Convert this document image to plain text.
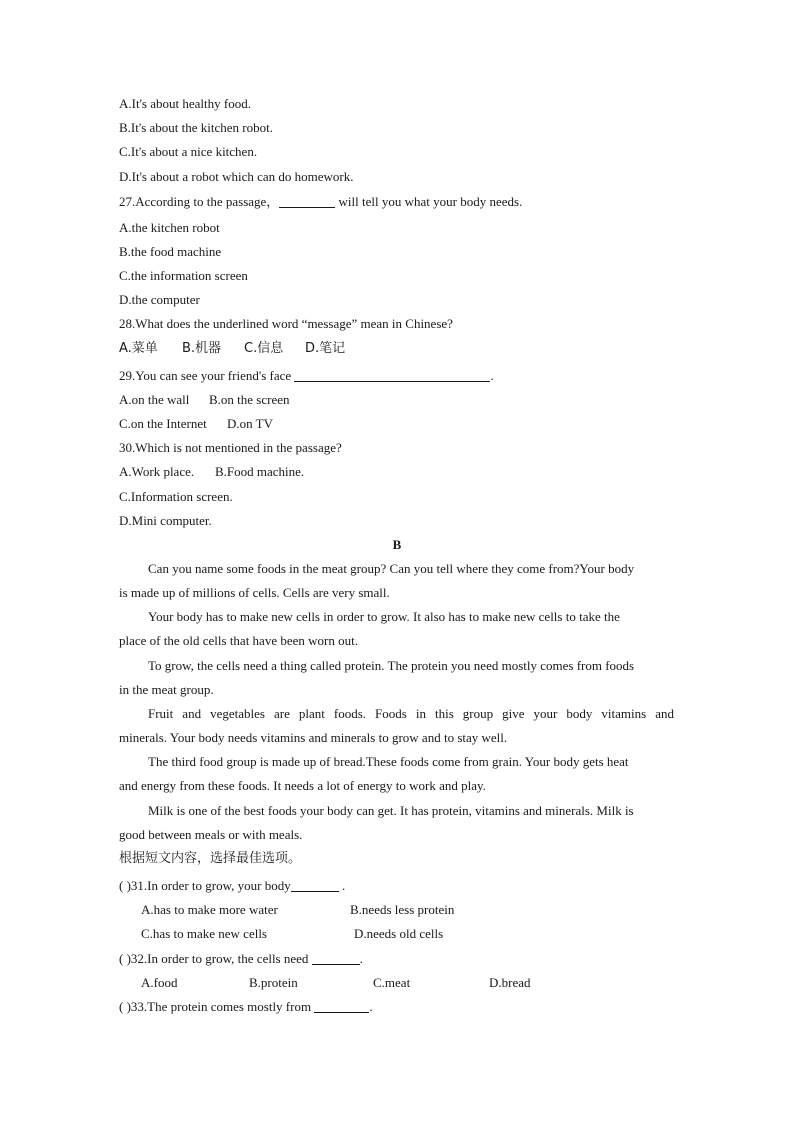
A.It's about healthy food.
B.It's about the kitchen robot.
C.It's about a nice kitchen.
D.It's about a robot which can do homework.
27.According to the passage，	will tell you what your body needs.
A.the kitchen robot
B.the food machine
C.the information screen
D.the computer
28.What does the underlined word “message” mean in Chinese?
A.菜单 B.机器 C.信息 D.笔记
29.You can see your friend's face	.
A.on the wall B.on the screen
C.on the Internet D.on TV
30.Which is not mentioned in the passage?
A.Work place. B.Food machine.
C.Information screen.
D.Mini computer.
B
Can you name some foods in the meat group? Can you tell where they come from?Your body
is made up of millions of cells. Cells are very small.
Your body has to make new cells in order to grow. It also has to make new cells to take the
place of the old cells that have been worn out.
To grow, the cells need a thing called protein. The protein you need mostly comes from foods
in the meat group.
Fruit and vegetables are plant foods. Foods in this group give your body vitamins and
minerals. Your body needs vitamins and minerals to grow and to stay well.
The third food group is made up of bread.These foods come from grain. Your body gets heat
and energy from these foods. It needs a lot of energy to work and play.
Milk is one of the best foods your body can get. It has protein, vitamins and minerals. Milk is
good between meals or with meals.
根据短文内容，选择最佳选项。
( )31.In order to grow, your body	.
A.has to make more water	B.needs less protein
C.has to make new cells	D.needs old cells
( )32.In order to grow, the cells need	.
A.food	B.protein	C.meat	D.bread
( )33.The protein comes mostly from	.
